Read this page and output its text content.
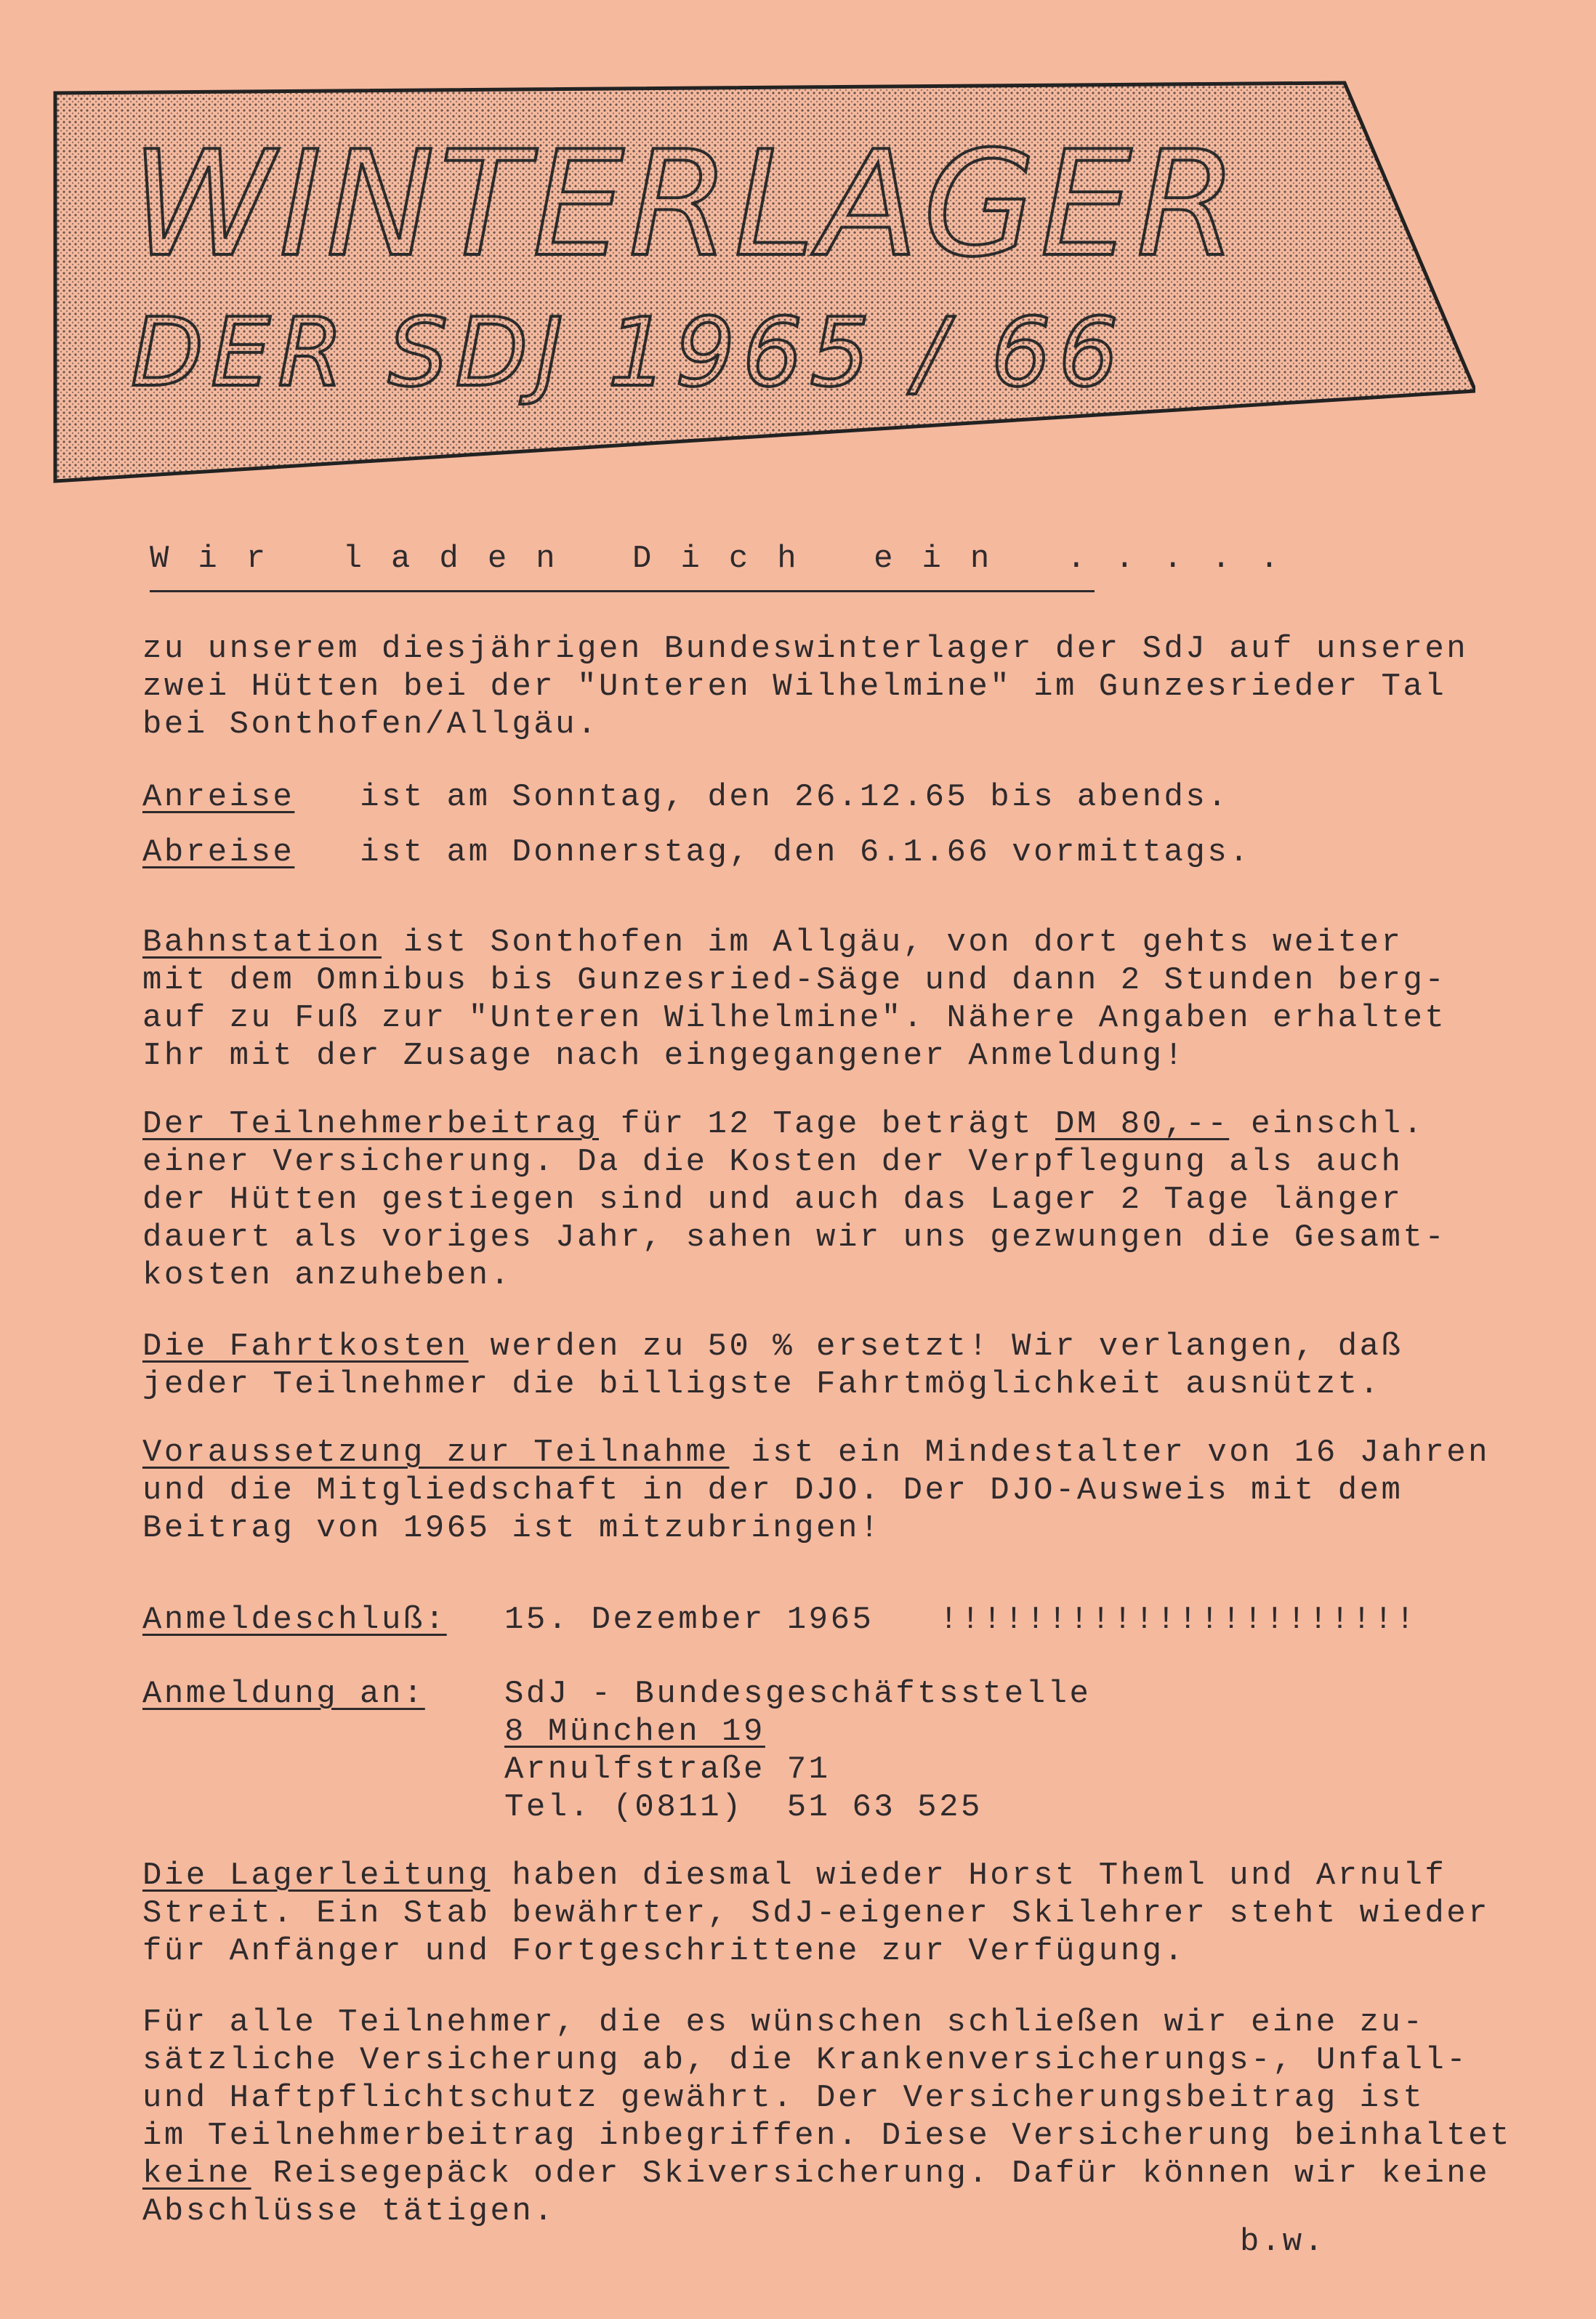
WINTERLAGER
DER SDJ 1965 / 66
Wir laden Dich ein .....
zu unserem diesjährigen Bundeswinterlager der SdJ auf unseren
zwei Hütten bei der "Unteren Wilhelmine" im Gunzesrieder Tal
bei Sonthofen/Allgäu.
Anreise ist am Sonntag, den 26.12.65 bis abends.
Abreise ist am Donnerstag, den 6.1.66 vormittags.
Bahnstation ist Sonthofen im Allgäu, von dort gehts weiter
mit dem Omnibus bis Gunzesried-Säge und dann 2 Stunden berg-
auf zu Fuß zur "Unteren Wilhelmine". Nähere Angaben erhaltet
Ihr mit der Zusage nach eingegangener Anmeldung!
Der Teilnehmerbeitrag für 12 Tage beträgt DM 80,-- einschl.
einer Versicherung. Da die Kosten der Verpflegung als auch
der Hütten gestiegen sind und auch das Lager 2 Tage länger
dauert als voriges Jahr, sahen wir uns gezwungen die Gesamt-
kosten anzuheben.
Die Fahrtkosten werden zu 50 % ersetzt! Wir verlangen, daß
jeder Teilnehmer die billigste Fahrtmöglichkeit ausnützt.
Voraussetzung zur Teilnahme ist ein Mindestalter von 16 Jahren
und die Mitgliedschaft in der DJO. Der DJO-Ausweis mit dem
Beitrag von 1965 ist mitzubringen!
Anmeldeschluß: 15. Dezember 1965   !!!!!!!!!!!!!!!!!!!!!!
Anmeldung an: SdJ - Bundesgeschäftsstelle
8 München 19
Arnulfstraße 71
Tel. (0811)  51 63 525
Die Lagerleitung haben diesmal wieder Horst Theml und Arnulf
Streit. Ein Stab bewährter, SdJ-eigener Skilehrer steht wieder
für Anfänger und Fortgeschrittene zur Verfügung.
Für alle Teilnehmer, die es wünschen schließen wir eine zu-
sätzliche Versicherung ab, die Krankenversicherungs-, Unfall-
und Haftpflichtschutz gewährt. Der Versicherungsbeitrag ist
im Teilnehmerbeitrag inbegriffen. Diese Versicherung beinhaltet
keine Reisegepäck oder Skiversicherung. Dafür können wir keine
Abschlüsse tätigen.
b.w.
